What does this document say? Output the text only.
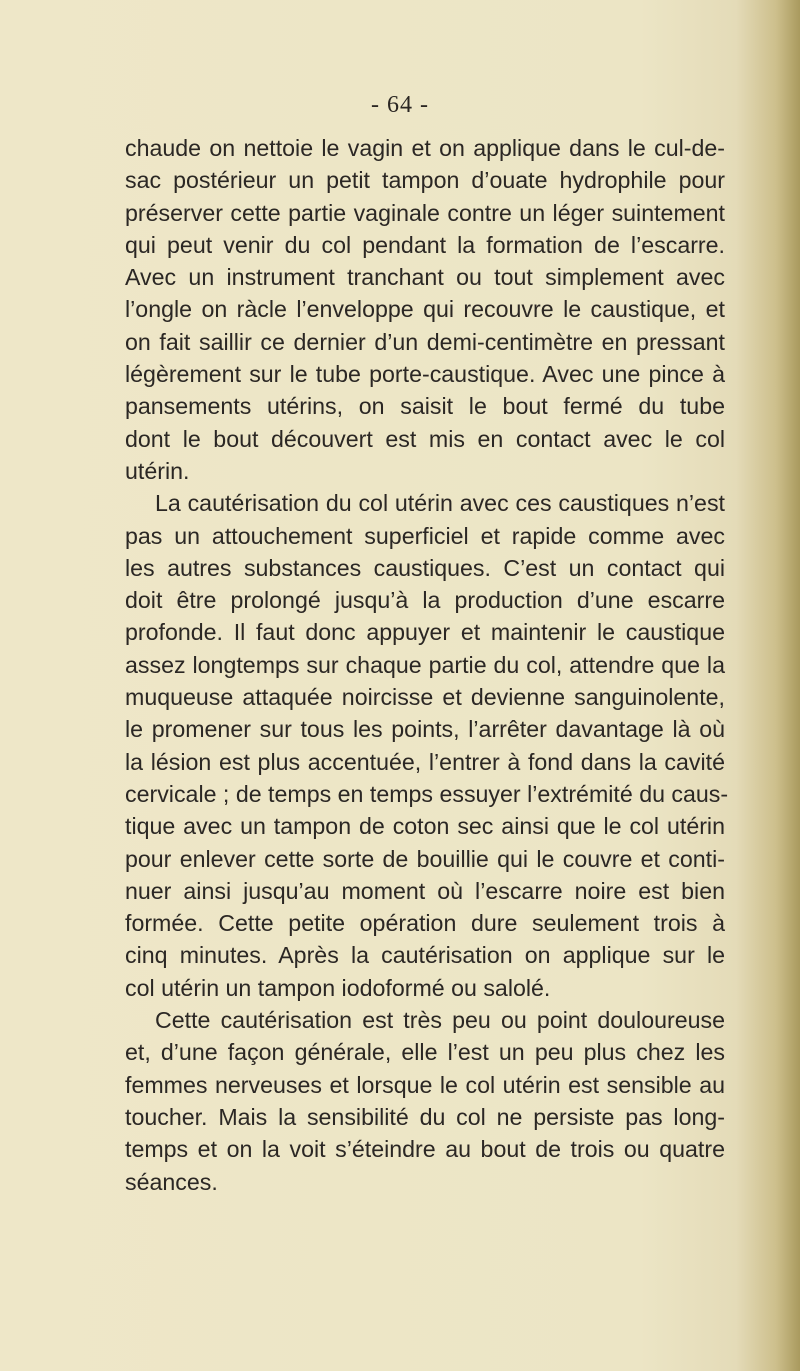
- 64 -

chaude on nettoie le vagin et on applique dans le cul-de-
sac postérieur un petit tampon d’ouate hydrophile pour
préserver cette partie vaginale contre un léger suintement
qui peut venir du col pendant la formation de l’escarre.
Avec un instrument tranchant ou tout simplement avec
l’ongle on ràcle l’enveloppe qui recouvre le caustique, et
on fait saillir ce dernier d’un demi-centimètre en pressant
légèrement sur le tube porte-caustique. Avec une pince à
pansements utérins, on saisit le bout fermé du tube
dont le bout découvert est mis en contact avec le col
utérin.

La cautérisation du col utérin avec ces caustiques n’est
pas un attouchement superficiel et rapide comme avec
les autres substances caustiques. C’est un contact qui
doit être prolongé jusqu’à la production d’une escarre
profonde. Il faut donc appuyer et maintenir le caustique
assez longtemps sur chaque partie du col, attendre que la
muqueuse attaquée noircisse et devienne sanguinolente,
le promener sur tous les points, l’arrêter davantage là où
la lésion est plus accentuée, l’entrer à fond dans la cavité
cervicale ; de temps en temps essuyer l’extrémité du caus-
tique avec un tampon de coton sec ainsi que le col utérin
pour enlever cette sorte de bouillie qui le couvre et conti-
nuer ainsi jusqu’au moment où l’escarre noire est bien
formée. Cette petite opération dure seulement trois à
cinq minutes. Après la cautérisation on applique sur le
col utérin un tampon iodoformé ou salolé.

Cette cautérisation est très peu ou point douloureuse
et, d’une façon générale, elle l’est un peu plus chez les
femmes nerveuses et lorsque le col utérin est sensible au
toucher. Mais la sensibilité du col ne persiste pas long-
temps et on la voit s’éteindre au bout de trois ou quatre
séances.
